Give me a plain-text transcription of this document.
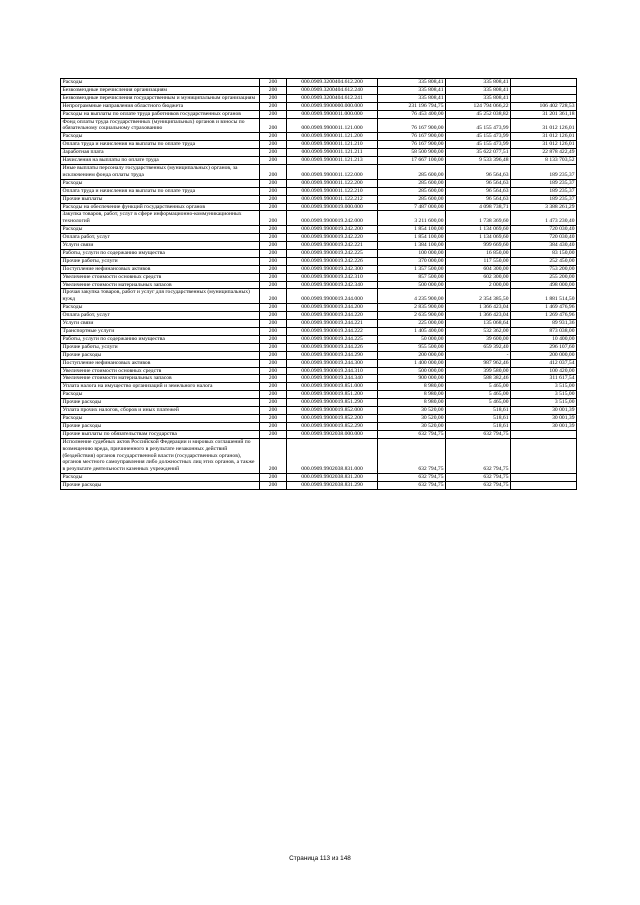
Расходы	200	000.0909.3200404.612.200	335 808,41	335 808,41	
Безвозмездные перечисления организациям	200	000.0909.3200404.612.240	335 808,41	335 808,41	
Безвозмездные перечисления государственным и муниципальным организациям	200	000.0909.3200404.612.241	335 808,41	335 808,41	
Непрограммные направления областного бюджета	200	000.0909.9900000.000.000	231 196 794,75	124 794 066,22	106 402 728,53
Расходы на выплаты по оплате труда работников государственных органов	200	000.0909.9900011.000.000	76 453 400,00	45 252 038,82	31 201 361,18
Фонд оплаты труда государственных (муниципальных) органов и взносы по обязательному социальному страхованию	200	000.0909.9900011.121.000	76 167 900,00	45 155 473,99	31 012 126,01
Расходы	200	000.0909.9900011.121.200	76 167 900,00	45 155 473,99	31 012 126,01
Оплата труда и начисления на выплаты по оплате труда	200	000.0909.9900011.121.210	76 167 900,00	45 155 473,99	31 012 126,01
Заработная плата	200	000.0909.9900011.121.211	58 500 900,00	35 622 077,51	22 878 422,49
Начисления на выплаты по оплате труда	200	000.0909.9900011.121.213	17 667 100,00	9 533 396,48	8 133 703,52
Иные выплаты персоналу государственных (муниципальных) органов, за исключением фонда оплаты труда	200	000.0909.9900011.122.000	285 600,00	96 564,63	189 235,37
Расходы	200	000.0909.9900011.122.200	285 600,00	96 564,63	189 235,37
Оплата труда и начисления на выплаты по оплате труда	200	000.0909.9900011.122.210	285 600,00	96 564,63	189 235,37
Прочие выплаты	200	000.0909.9900011.122.212	285 600,00	96 564,63	189 235,37
Расходы на обеспечение функций государственных органов	200	000.0909.9900019.000.000	7 487 000,00	4 098 738,71	3 388 261,29
Закупка товаров, работ, услуг в сфере информационно-коммуникационных технологий	200	000.0909.9900019.242.000	3 211 600,00	1 738 369,60	1 473 230,40
Расходы	200	000.0909.9900019.242.200	1 854 100,00	1 134 069,60	720 030,40
Оплата работ, услуг	200	000.0909.9900019.242.220	1 854 100,00	1 134 069,60	720 030,40
Услуги связи	200	000.0909.9900019.242.221	1 384 100,00	999 669,60	384 430,40
Работы, услуги по содержанию имущества	200	000.0909.9900019.242.225	100 000,00	16 850,00	83 150,00
Прочие работы, услуги	200	000.0909.9900019.242.226	370 000,00	117 550,00	252 450,00
Поступление нефинансовых активов	200	000.0909.9900019.242.300	1 357 500,00	604 300,00	753 200,00
Увеличение стоимости основных средств	200	000.0909.9900019.242.310	857 500,00	602 300,00	255 200,00
Увеличение стоимости материальных запасов	200	000.0909.9900019.242.340	500 000,00	2 000,00	498 000,00
Прочая закупка товаров, работ и услуг для государственных (муниципальных) нужд	200	000.0909.9900019.244.000	4 235 900,00	2 354 385,50	1 881 514,50
Расходы	200	000.0909.9900019.244.200	2 835 900,00	1 366 423,04	1 469 476,96
Оплата работ, услуг	200	000.0909.9900019.244.220	2 635 900,00	1 366 423,04	1 269 476,96
Услуги связи	200	000.0909.9900019.244.221	225 000,00	135 068,64	89 931,36
Транспортные услуги	200	000.0909.9900019.244.222	1 405 400,00	532 362,00	873 038,00
Работы, услуги по содержанию имущества	200	000.0909.9900019.244.225	50 000,00	39 600,00	10 400,00
Прочие работы, услуги	200	000.0909.9900019.244.226	955 500,00	659 392,40	296 107,60
Прочие расходы	200	000.0909.9900019.244.290	200 000,00	-	200 000,00
Поступление нефинансовых активов	200	000.0909.9900019.244.300	1 400 000,00	987 962,46	412 037,54
Увеличение стоимости основных средств	200	000.0909.9900019.244.310	500 000,00	399 580,00	100 420,00
Увеличение стоимости материальных запасов	200	000.0909.9900019.244.340	900 000,00	588 382,46	311 617,54
Уплата налога на имущество организаций и земельного налога	200	000.0909.9900019.851.000	8 980,00	5 465,00	3 515,00
Расходы	200	000.0909.9900019.851.200	8 980,00	5 465,00	3 515,00
Прочие расходы	200	000.0909.9900019.851.290	8 980,00	5 465,00	3 515,00
Уплата прочих налогов, сборов и иных платежей	200	000.0909.9900019.852.000	30 520,00	518,61	30 001,39
Расходы	200	000.0909.9900019.852.200	30 520,00	518,61	30 001,39
Прочие расходы	200	000.0909.9900019.852.290	30 520,00	518,61	30 001,39
Прочие выплаты по обязательствам государства	200	000.0909.9902038.000.000	632 794,75	632 794,75	
Исполнение судебных актов Российской Федерации и мировых соглашений по возмещению вреда, причиненного в результате незаконных действий (бездействия) органов государственной власти (государственных органов), органов местного самоуправления либо должностных лиц этих органов, а также в результате деятельности казенных учреждений	200	000.0909.9902038.831.000	632 794,75	632 794,75	
Расходы	200	000.0909.9902038.831.200	632 794,75	632 794,75	
Прочие расходы	200	000.0909.9902038.831.290	632 794,75	632 794,75	
Страница 113 из 148
